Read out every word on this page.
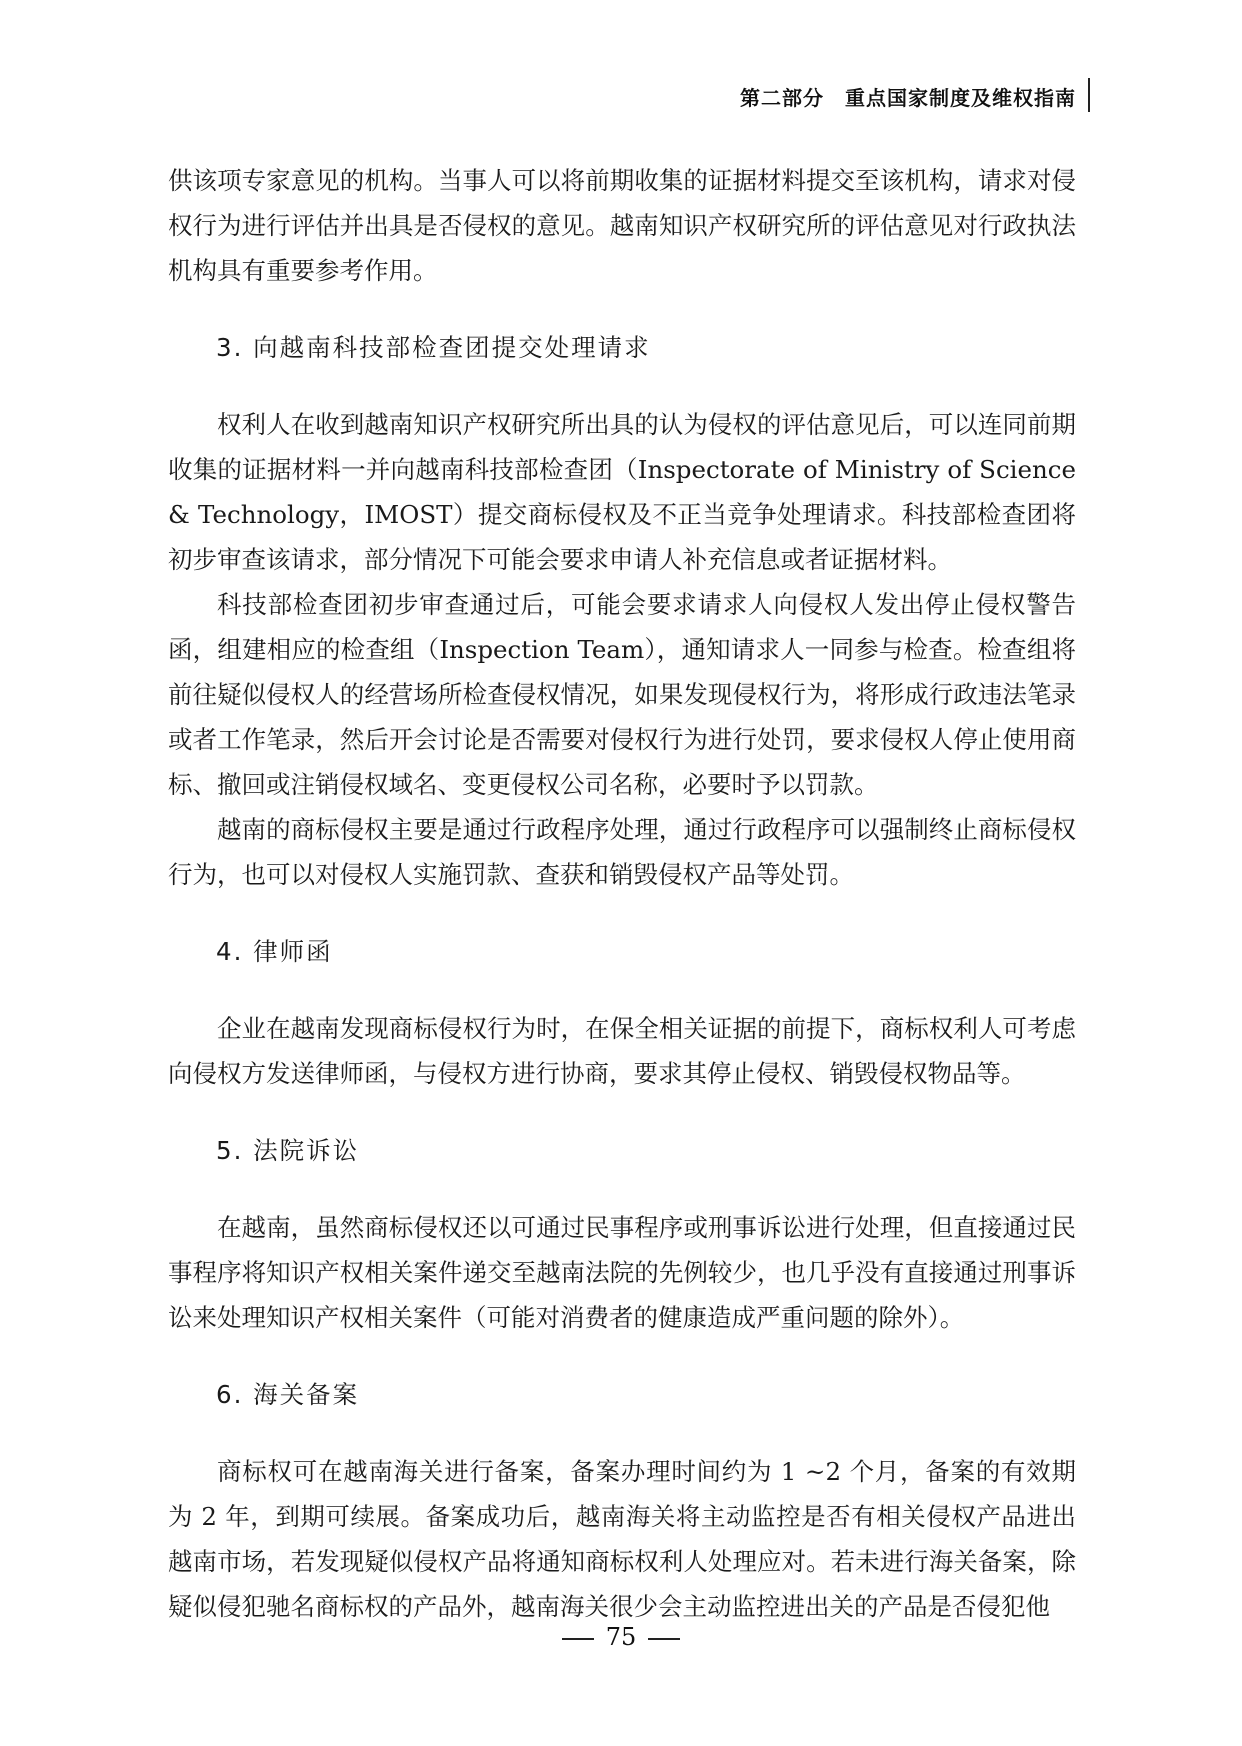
第二部分　重点国家制度及维权指南

供该项专家意见的机构。当事人可以将前期收集的证据材料提交至该机构，请求对侵权行为进行评估并出具是否侵权的意见。越南知识产权研究所的评估意见对行政执法机构具有重要参考作用。

3. 向越南科技部检查团提交处理请求

权利人在收到越南知识产权研究所出具的认为侵权的评估意见后，可以连同前期收集的证据材料一并向越南科技部检查团（Inspectorate of Ministry of Science & Technology，IMOST）提交商标侵权及不正当竞争处理请求。科技部检查团将初步审查该请求，部分情况下可能会要求申请人补充信息或者证据材料。

科技部检查团初步审查通过后，可能会要求请求人向侵权人发出停止侵权警告函，组建相应的检查组（Inspection Team），通知请求人一同参与检查。检查组将前往疑似侵权人的经营场所检查侵权情况，如果发现侵权行为，将形成行政违法笔录或者工作笔录，然后开会讨论是否需要对侵权行为进行处罚，要求侵权人停止使用商标、撤回或注销侵权域名、变更侵权公司名称，必要时予以罚款。

越南的商标侵权主要是通过行政程序处理，通过行政程序可以强制终止商标侵权行为，也可以对侵权人实施罚款、查获和销毁侵权产品等处罚。

4. 律师函

企业在越南发现商标侵权行为时，在保全相关证据的前提下，商标权利人可考虑向侵权方发送律师函，与侵权方进行协商，要求其停止侵权、销毁侵权物品等。

5. 法院诉讼

在越南，虽然商标侵权还以可通过民事程序或刑事诉讼进行处理，但直接通过民事程序将知识产权相关案件递交至越南法院的先例较少，也几乎没有直接通过刑事诉讼来处理知识产权相关案件（可能对消费者的健康造成严重问题的除外）。

6. 海关备案

商标权可在越南海关进行备案，备案办理时间约为 1 ~2 个月，备案的有效期为 2 年，到期可续展。备案成功后，越南海关将主动监控是否有相关侵权产品进出越南市场，若发现疑似侵权产品将通知商标权利人处理应对。若未进行海关备案，除疑似侵犯驰名商标权的产品外，越南海关很少会主动监控进出关的产品是否侵犯他

75
